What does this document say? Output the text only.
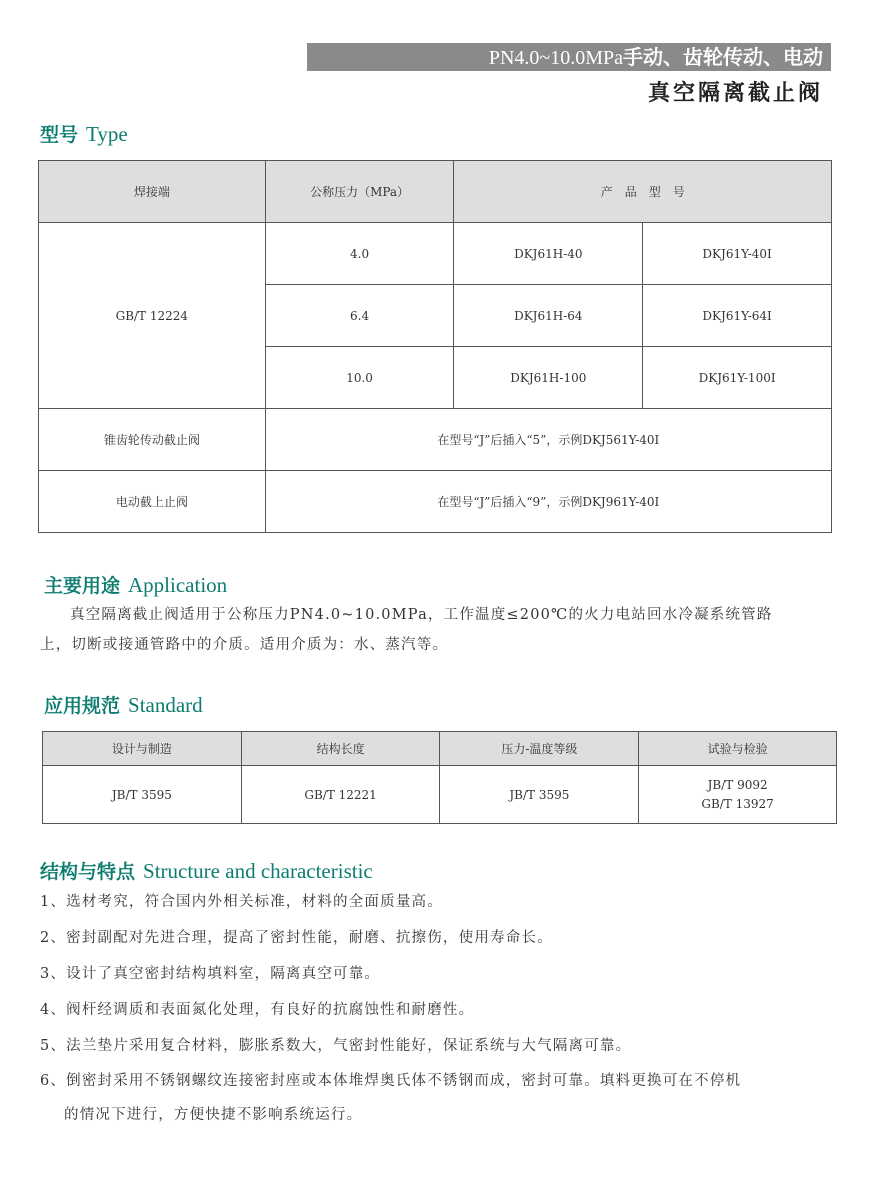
PN4.0~10.0MPa手动、齿轮传动、电动
真空隔离截止阀
型号 Type
焊接端	公称压力（MPa）	产　品　型　号	
GB/T 12224	4.0	DKJ61H-40	DKJ61Y-40I
	6.4	DKJ61H-64	DKJ61Y-64I
	10.0	DKJ61H-100	DKJ61Y-100I
锥齿轮传动截止阀	在型号“J”后插入“5”，示例DKJ561Y-40I		
电动截上止阀	在型号“J”后插入“9”，示例DKJ961Y-40I		
主要用途 Application
真空隔离截止阀适用于公称压力PN4.0~10.0MPa，工作温度≤200℃的火力电站回水冷凝系统管路
上，切断或接通管路中的介质。适用介质为：水、蒸汽等。
应用规范 Standard
设计与制造	结构长度	压力-温度等级	试验与检验
JB/T 3595	GB/T 12221	JB/T 3595	JB/T 9092
GB/T 13927
结构与特点 Structure and characteristic
1、选材考究，符合国内外相关标准，材料的全面质量高。
2、密封副配对先进合理，提高了密封性能，耐磨、抗擦伤，使用寿命长。
3、设计了真空密封结构填料室，隔离真空可靠。
4、阀杆经调质和表面氮化处理，有良好的抗腐蚀性和耐磨性。
5、法兰垫片采用复合材料，膨胀系数大，气密封性能好，保证系统与大气隔离可靠。
6、倒密封采用不锈钢螺纹连接密封座或本体堆焊奥氏体不锈钢而成，密封可靠。填料更换可在不停机
的情况下进行，方便快捷不影响系统运行。
